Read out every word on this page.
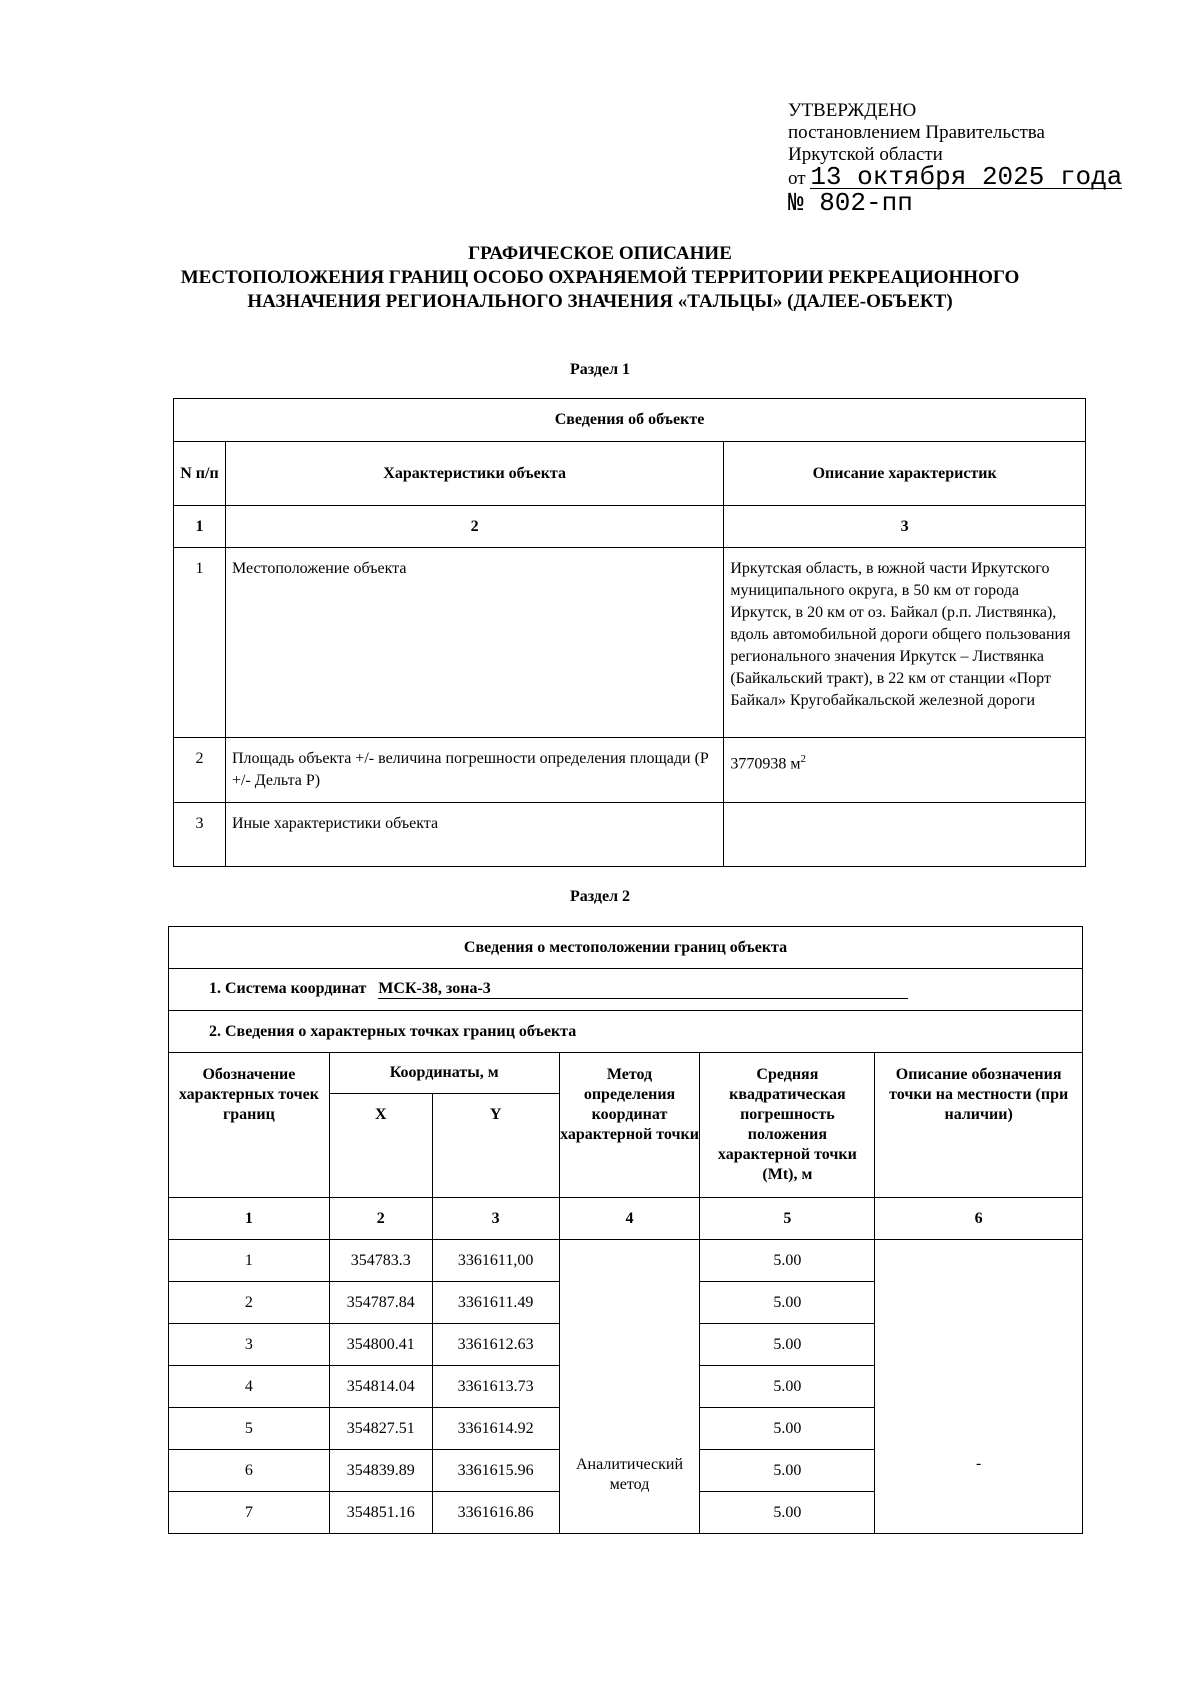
УТВЕРЖДЕНО
постановлением Правительства
Иркутской области
от 13 октября 2025 года
№ 802-пп
ГРАФИЧЕСКОЕ ОПИСАНИЕ
МЕСТОПОЛОЖЕНИЯ ГРАНИЦ ОСОБО ОХРАНЯЕМОЙ ТЕРРИТОРИИ РЕКРЕАЦИОННОГО
НАЗНАЧЕНИЯ РЕГИОНАЛЬНОГО ЗНАЧЕНИЯ «ТАЛЬЦЫ» (ДАЛЕЕ-ОБЪЕКТ)
Раздел 1
Сведения об объекте		
N п/п	Характеристики объекта	Описание характеристик
1	2	3
1	Местоположение объекта	Иркутская область, в южной части Иркутского муниципального округа, в 50 км от города Иркутск, в 20 км от оз. Байкал (р.п. Листвянка), вдоль автомобильной дороги общего пользования регионального значения Иркутск – Листвянка (Байкальский тракт), в 22 км от станции «Порт Байкал» Кругобайкальской железной дороги
2	Площадь объекта +/- величина погрешности определения площади (Р +/- Дельта Р)	3770938 $м^2$
3	Иные характеристики объекта	
Раздел 2
Сведения о местоположении границ объекта					
1. Система координат МСК-38, зона-3					
2. Сведения о характерных точках границ объекта					
Обозначение характерных точек границ	Координаты, м		Метод определения координат характерной точки	Средняя квадратическая погрешность положения характерной точки (Mt), м	Описание обозначения точки на местности (при наличии)
	X	Y			
1	2	3	4	5	6
1	354783.3	3361611,00	Аналитический метод	5.00	-
2	354787.84	3361611.49		5.00	
3	354800.41	3361612.63		5.00	
4	354814.04	3361613.73		5.00	
5	354827.51	3361614.92		5.00	
6	354839.89	3361615.96		5.00	
7	354851.16	3361616.86		5.00	
